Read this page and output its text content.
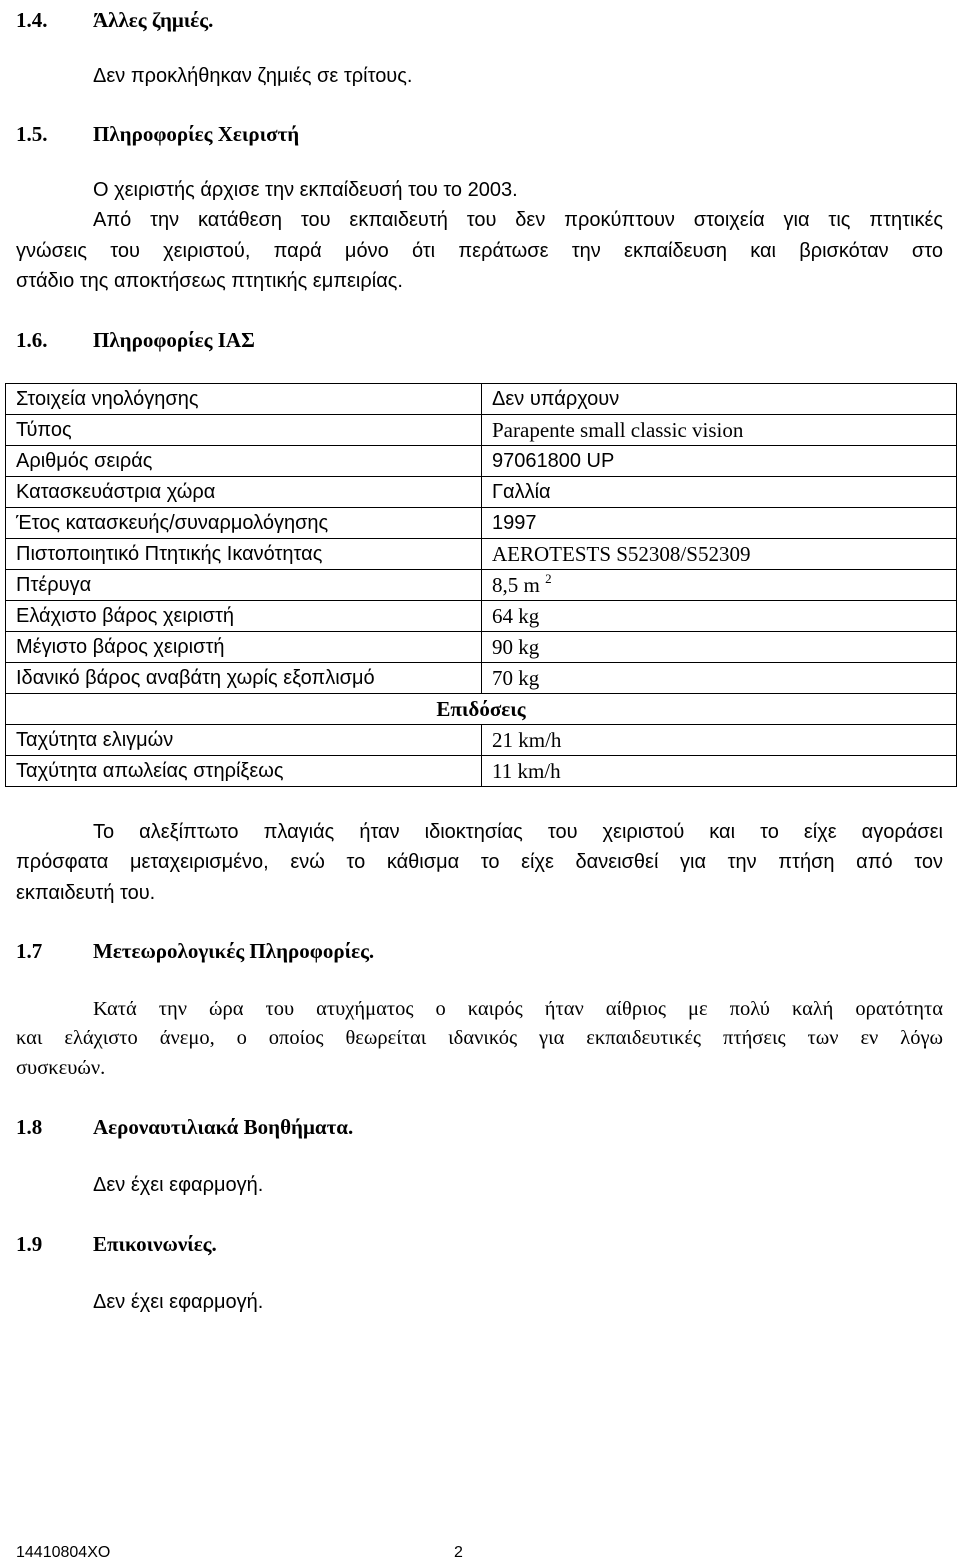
1.4. Άλλες ζημιές.
Δεν προκλήθηκαν ζημιές σε τρίτους.
1.5. Πληροφορίες Χειριστή
Ο χειριστής άρχισε την εκπαίδευσή του το 2003.
Από την κατάθεση του εκπαιδευτή του δεν προκύπτουν στοιχεία για τις πτητικές
γνώσεις του χειριστού, παρά μόνο ότι περάτωσε την εκπαίδευση και βρισκόταν στο
στάδιο της αποκτήσεως πτητικής εμπειρίας.
1.6. Πληροφορίες ΙΑΣ
Στοιχεία νηολόγησης	Δεν υπάρχουν
Τύπος	Parapente small classic vision
Αριθμός σειράς	97061800 UP
Κατασκευάστρια χώρα	Γαλλία
Έτος κατασκευής/συναρμολόγησης	1997
Πιστοποιητικό Πτητικής Ικανότητας	AEROTESTS S52308/S52309
Πτέρυγα	8,5 m $^2$
Ελάχιστο βάρος χειριστή	64 kg
Μέγιστο βάρος χειριστή	90 kg
Ιδανικό βάρος αναβάτη χωρίς εξοπλισμό	70 kg
Επιδόσεις	
Ταχύτητα ελιγμών	21 km/h
Ταχύτητα απωλείας στηρίξεως	11 km/h
Το αλεξίπτωτο πλαγιάς ήταν ιδιοκτησίας του χειριστού και το είχε αγοράσει
πρόσφατα μεταχειρισμένο, ενώ το κάθισμα το είχε δανεισθεί για την πτήση από τον
εκπαιδευτή του.
1.7 Μετεωρολογικές Πληροφορίες.
Κατά την ώρα του ατυχήματος ο καιρός ήταν αίθριος με πολύ καλή ορατότητα
και ελάχιστο άνεμο, ο οποίος θεωρείται ιδανικός για εκπαιδευτικές πτήσεις των εν λόγω
συσκευών.
1.8 Αεροναυτιλιακά Βοηθήματα.
Δεν έχει εφαρμογή.
1.9 Επικοινωνίες.
Δεν έχει εφαρμογή.
14410804XO	2
